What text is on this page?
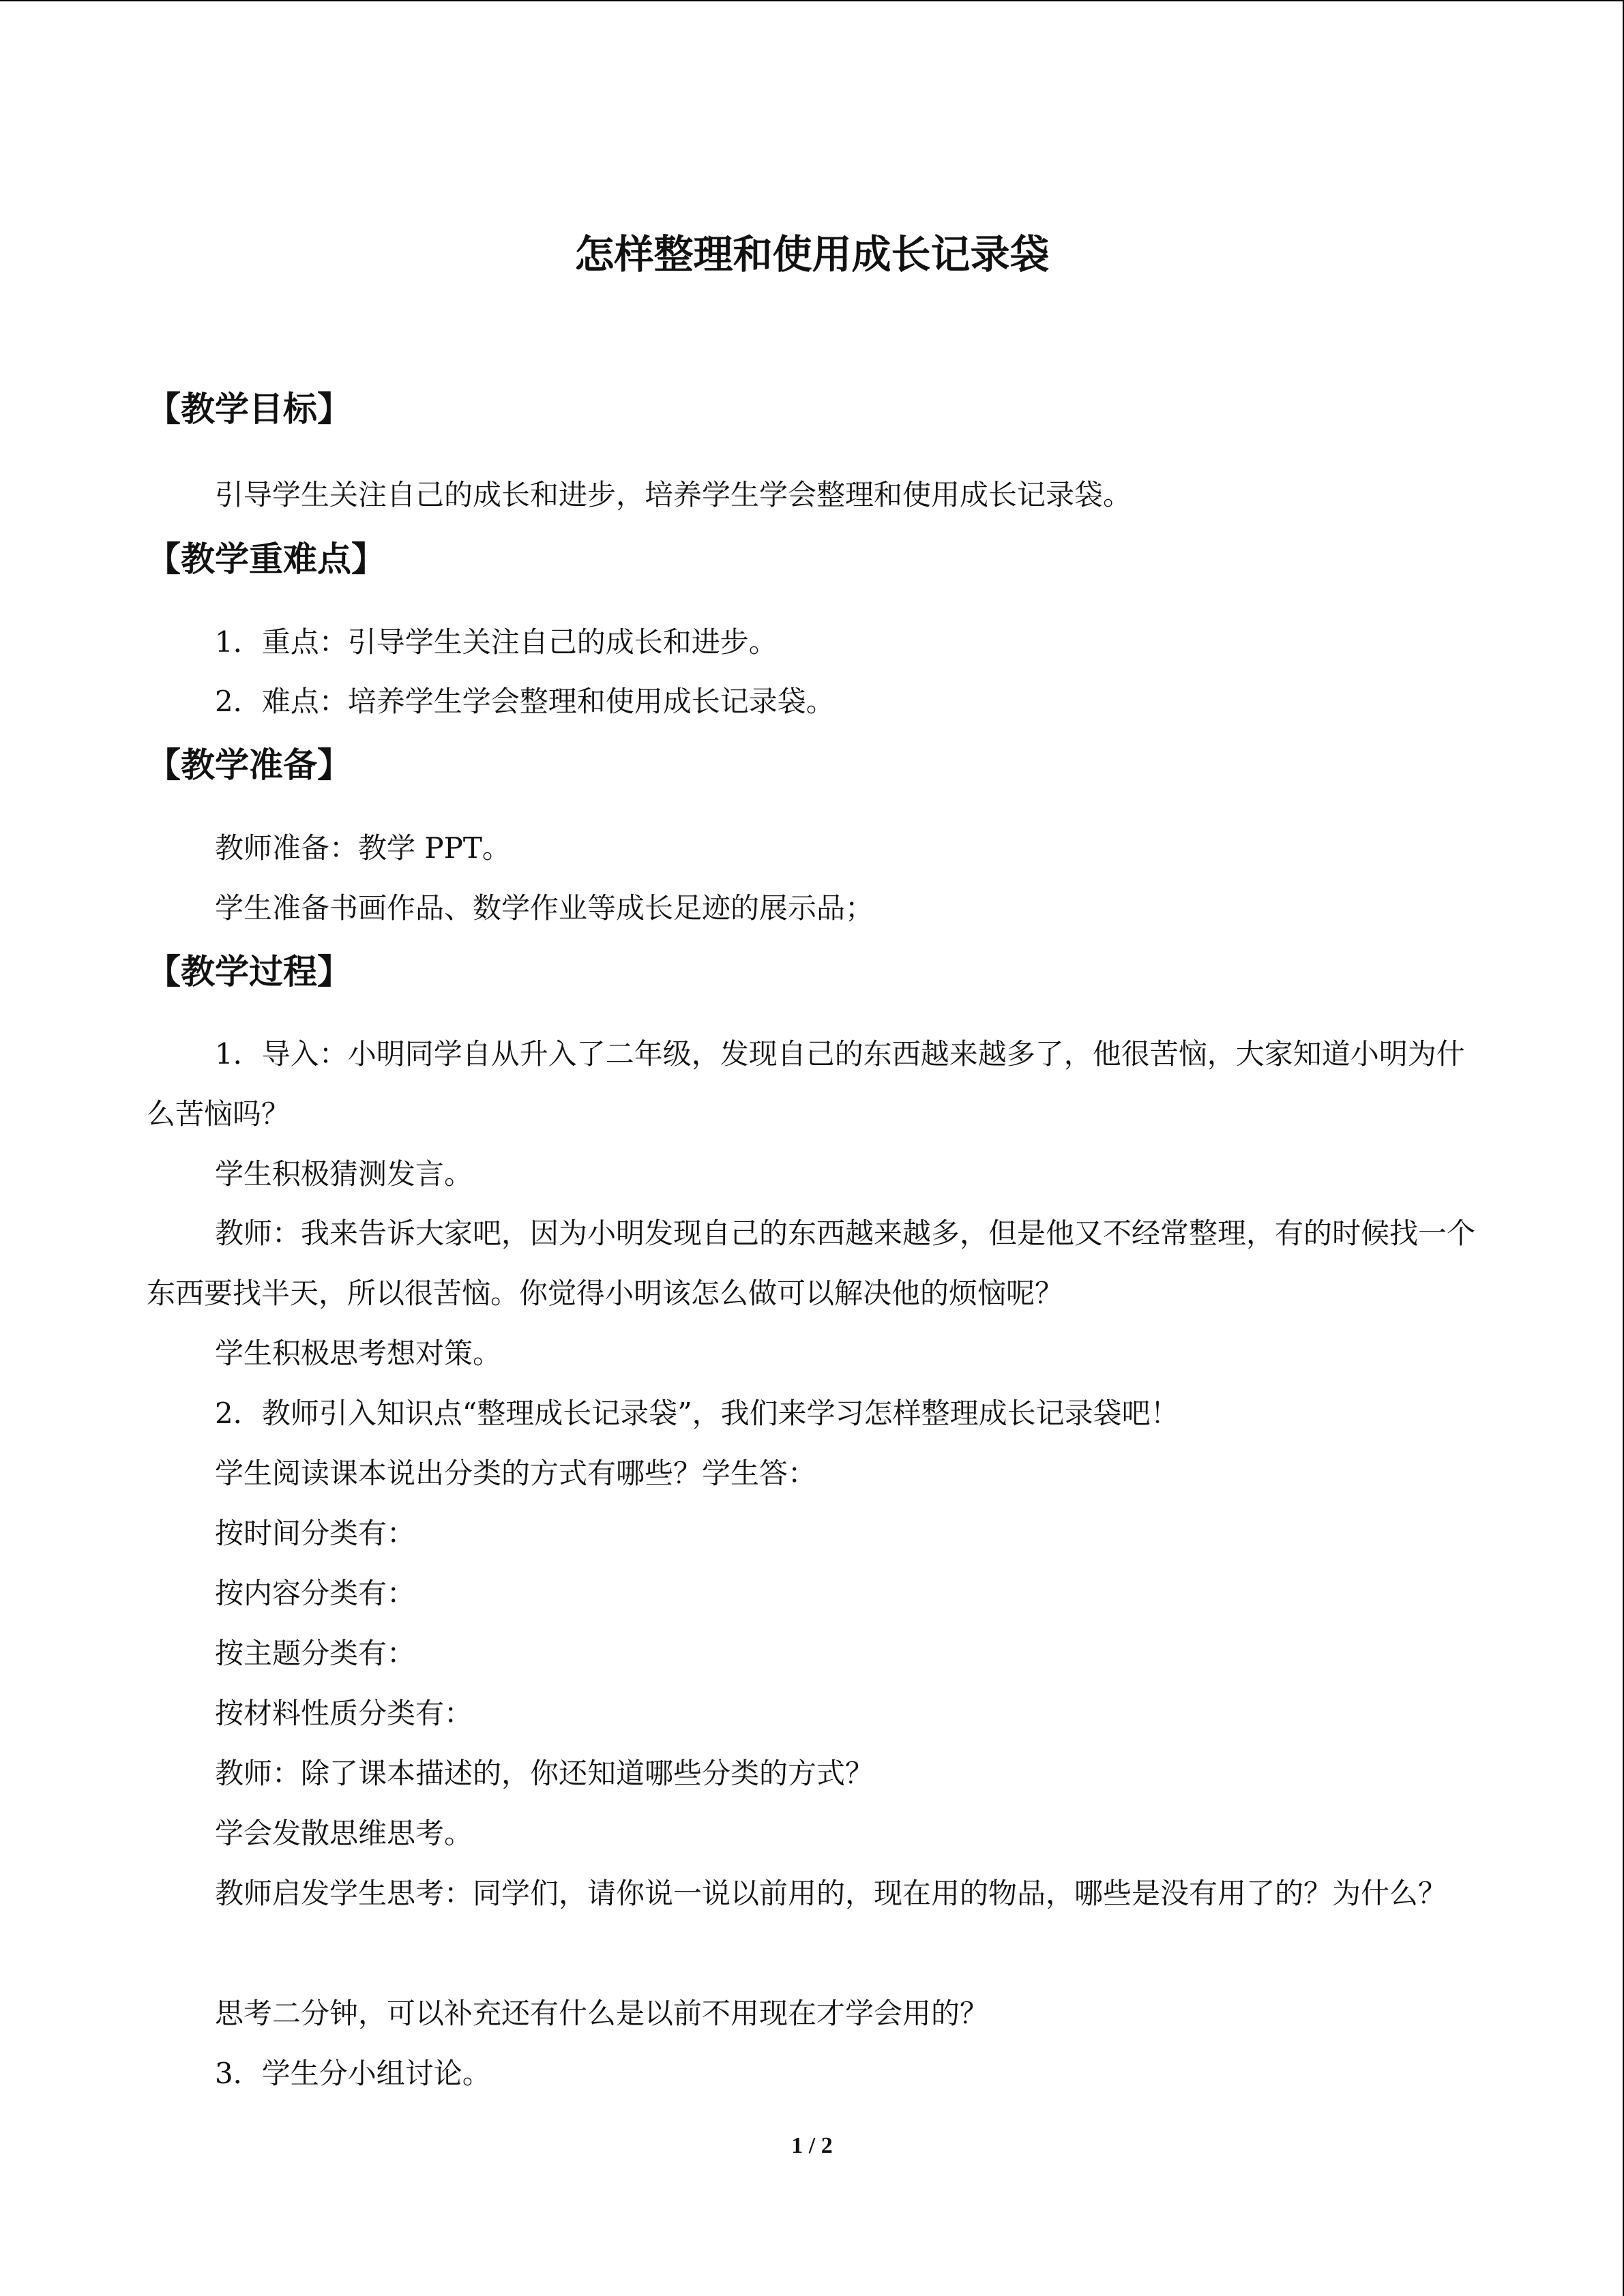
怎样整理和使用成长记录袋
【教学目标】

引导学生关注自己的成长和进步，培养学生学会整理和使用成长记录袋。

【教学重难点】

1．重点：引导学生关注自己的成长和进步。

2．难点：培养学生学会整理和使用成长记录袋。

【教学准备】

教师准备：教学 PPT。

学生准备书画作品、数学作业等成长足迹的展示品；

【教学过程】

1．导入：小明同学自从升入了二年级，发现自己的东西越来越多了，他很苦恼，大家知道小明为什么苦恼吗？

学生积极猜测发言。

教师：我来告诉大家吧，因为小明发现自己的东西越来越多，但是他又不经常整理，有的时候找一个东西要找半天，所以很苦恼。你觉得小明该怎么做可以解决他的烦恼呢？

学生积极思考想对策。

2．教师引入知识点“整理成长记录袋”，我们来学习怎样整理成长记录袋吧！

学生阅读课本说出分类的方式有哪些？学生答：

按时间分类有：

按内容分类有：

按主题分类有：

按材料性质分类有：

教师：除了课本描述的，你还知道哪些分类的方式？

学会发散思维思考。

教师启发学生思考：同学们，请你说一说以前用的，现在用的物品，哪些是没有用了的？为什么？

思考二分钟，可以补充还有什么是以前不用现在才学会用的？

3．学生分小组讨论。

1 / 2
